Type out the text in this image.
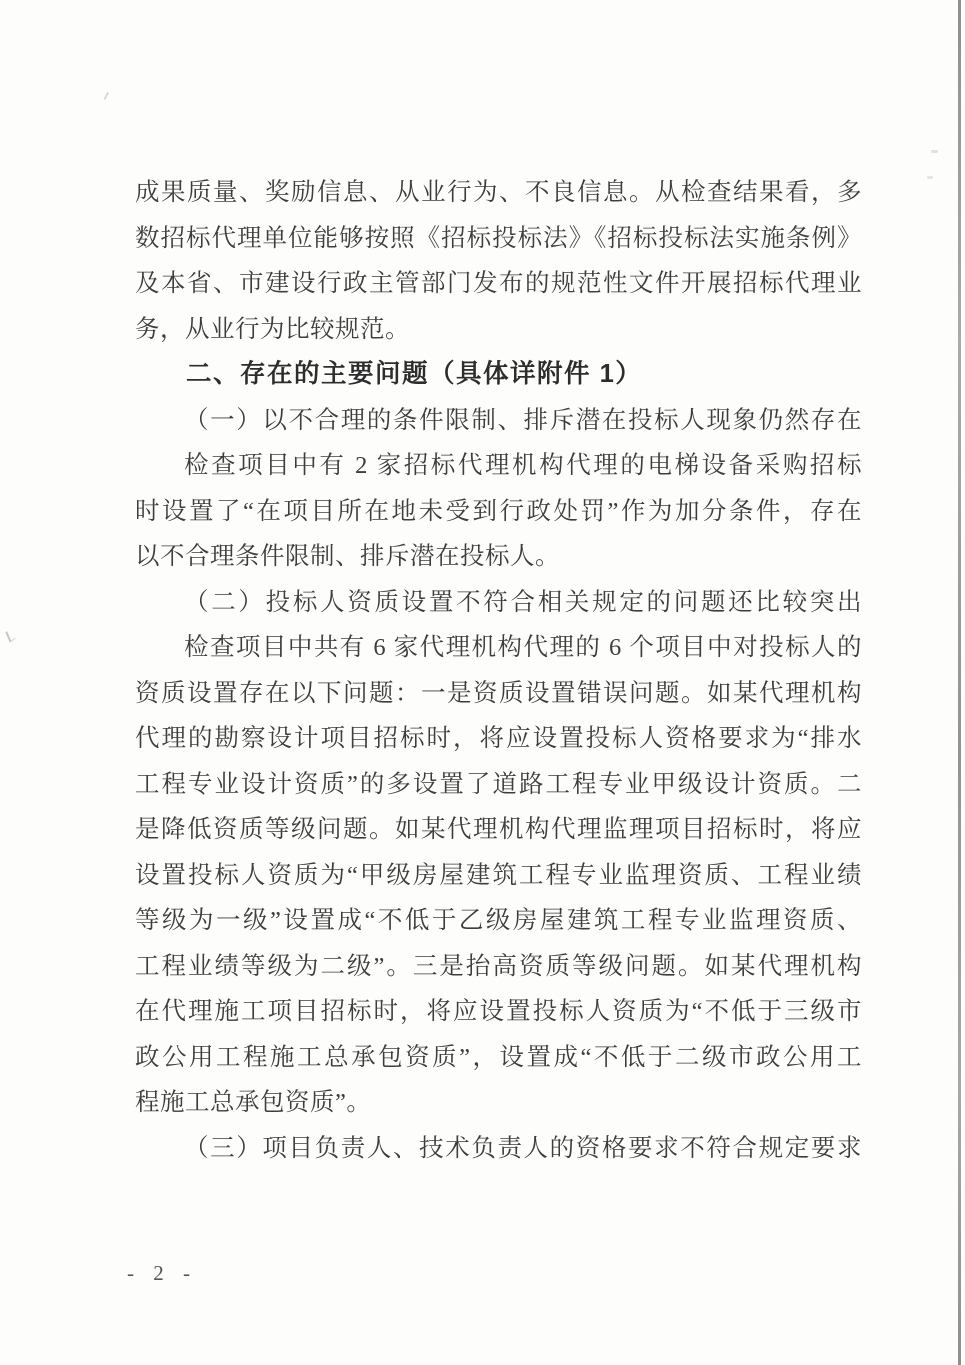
成果质量、奖励信息、从业行为、不良信息。从检查结果看，多
数招标代理单位能够按照《招标投标法》《招标投标法实施条例》
及本省、市建设行政主管部门发布的规范性文件开展招标代理业
务，从业行为比较规范。
二、存在的主要问题（具体详附件 1）
（一）以不合理的条件限制、排斥潜在投标人现象仍然存在
检查项目中有 2 家招标代理机构代理的电梯设备采购招标
时设置了“在项目所在地未受到行政处罚”作为加分条件，存在
以不合理条件限制、排斥潜在投标人。
（二）投标人资质设置不符合相关规定的问题还比较突出
检查项目中共有 6 家代理机构代理的 6 个项目中对投标人的
资质设置存在以下问题：一是资质设置错误问题。如某代理机构
代理的勘察设计项目招标时，将应设置投标人资格要求为“排水
工程专业设计资质”的多设置了道路工程专业甲级设计资质。二
是降低资质等级问题。如某代理机构代理监理项目招标时，将应
设置投标人资质为“甲级房屋建筑工程专业监理资质、工程业绩
等级为一级”设置成“不低于乙级房屋建筑工程专业监理资质、
工程业绩等级为二级”。三是抬高资质等级问题。如某代理机构
在代理施工项目招标时，将应设置投标人资质为“不低于三级市
政公用工程施工总承包资质”，设置成“不低于二级市政公用工
程施工总承包资质”。
（三）项目负责人、技术负责人的资格要求不符合规定要求
- 2 -
